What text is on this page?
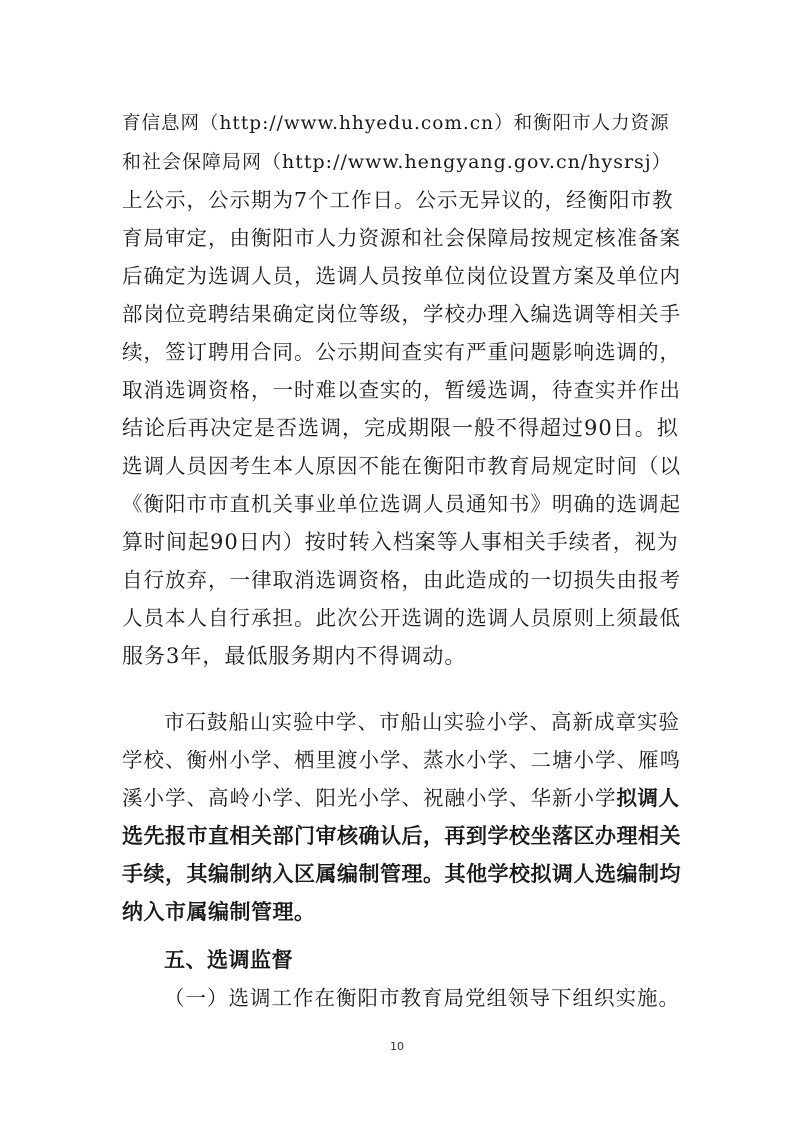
育信息网（http://www.hhyedu.com.cn）和衡阳市人力资源
和社会保障局网（http://www.hengyang.gov.cn/hysrsj）
上公示，公示期为7个工作日。公示无异议的，经衡阳市教
育局审定，由衡阳市人力资源和社会保障局按规定核准备案
后确定为选调人员，选调人员按单位岗位设置方案及单位内
部岗位竞聘结果确定岗位等级，学校办理入编选调等相关手
续，签订聘用合同。公示期间查实有严重问题影响选调的，
取消选调资格，一时难以查实的，暂缓选调，待查实并作出
结论后再决定是否选调，完成期限一般不得超过90日。拟
选调人员因考生本人原因不能在衡阳市教育局规定时间（以
《衡阳市市直机关事业单位选调人员通知书》明确的选调起
算时间起90日内）按时转入档案等人事相关手续者，视为
自行放弃，一律取消选调资格，由此造成的一切损失由报考
人员本人自行承担。此次公开选调的选调人员原则上须最低
服务3年，最低服务期内不得调动。
市石鼓船山实验中学、市船山实验小学、高新成章实验
学校、衡州小学、栖里渡小学、蒸水小学、二塘小学、雁鸣
溪小学、高岭小学、阳光小学、祝融小学、华新小学拟调人
选先报市直相关部门审核确认后，再到学校坐落区办理相关
手续，其编制纳入区属编制管理。其他学校拟调人选编制均
纳入市属编制管理。
五、选调监督
（一）选调工作在衡阳市教育局党组领导下组织实施。
10
